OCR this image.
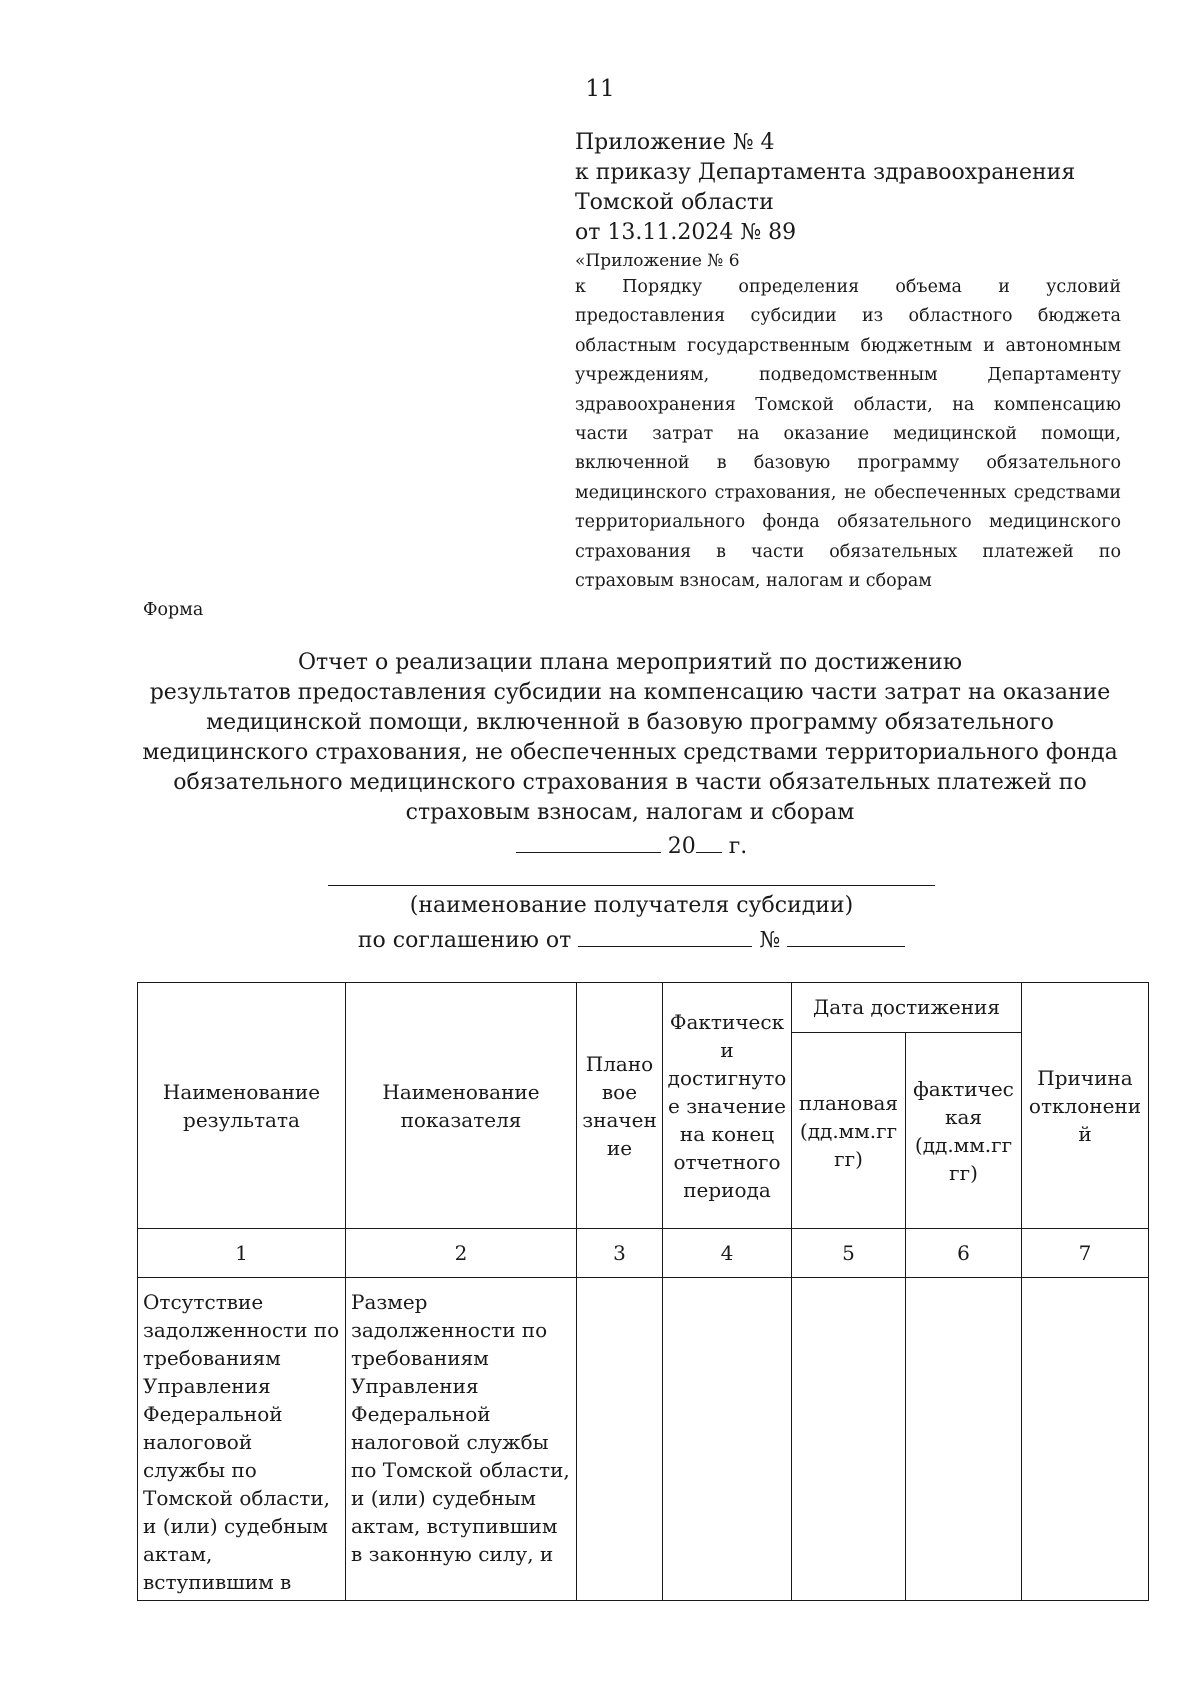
11
Приложение № 4
к приказу Департамента здравоохранения
Томской области
от 13.11.2024 № 89
«Приложение № 6
к Порядку определения объема и условий предоставления субсидии из областного бюджета областным государственным бюджетным и автономным учреждениям, подведомственным Департаменту здравоохранения Томской области, на компенсацию части затрат на оказание медицинской помощи, включенной в базовую программу обязательного медицинского страхования, не обеспеченных средствами территориального фонда обязательного медицинского страхования в части обязательных платежей по страховым взносам, налогам и сборам
Форма
Отчет о реализации плана мероприятий по достижению
результатов предоставления субсидии на компенсацию части затрат на оказание
медицинской помощи, включенной в базовую программу обязательного
медицинского страхования, не обеспеченных средствами территориального фонда
обязательного медицинского страхования в части обязательных платежей по
страховым взносам, налогам и сборам
20 г.
(наименование получателя субсидии)
по соглашению от	№
Наименование результата	Наименование показателя	Плановое значение	Фактически достигнутое значение на конец отчетного периода	Дата достижения		Причина отклонений
				плановая (дд.мм.гггг)	фактическая (дд.мм.гггг)	
1	2	3	4	5	6	7
Отсутствие задолженности по требованиям Управления Федеральной налоговой службы по Томской области, и (или) судебным актам, вступившим в	Размер задолженности по требованиям Управления Федеральной налоговой службы по Томской области, и (или) судебным актам, вступившим в законную силу, и					
